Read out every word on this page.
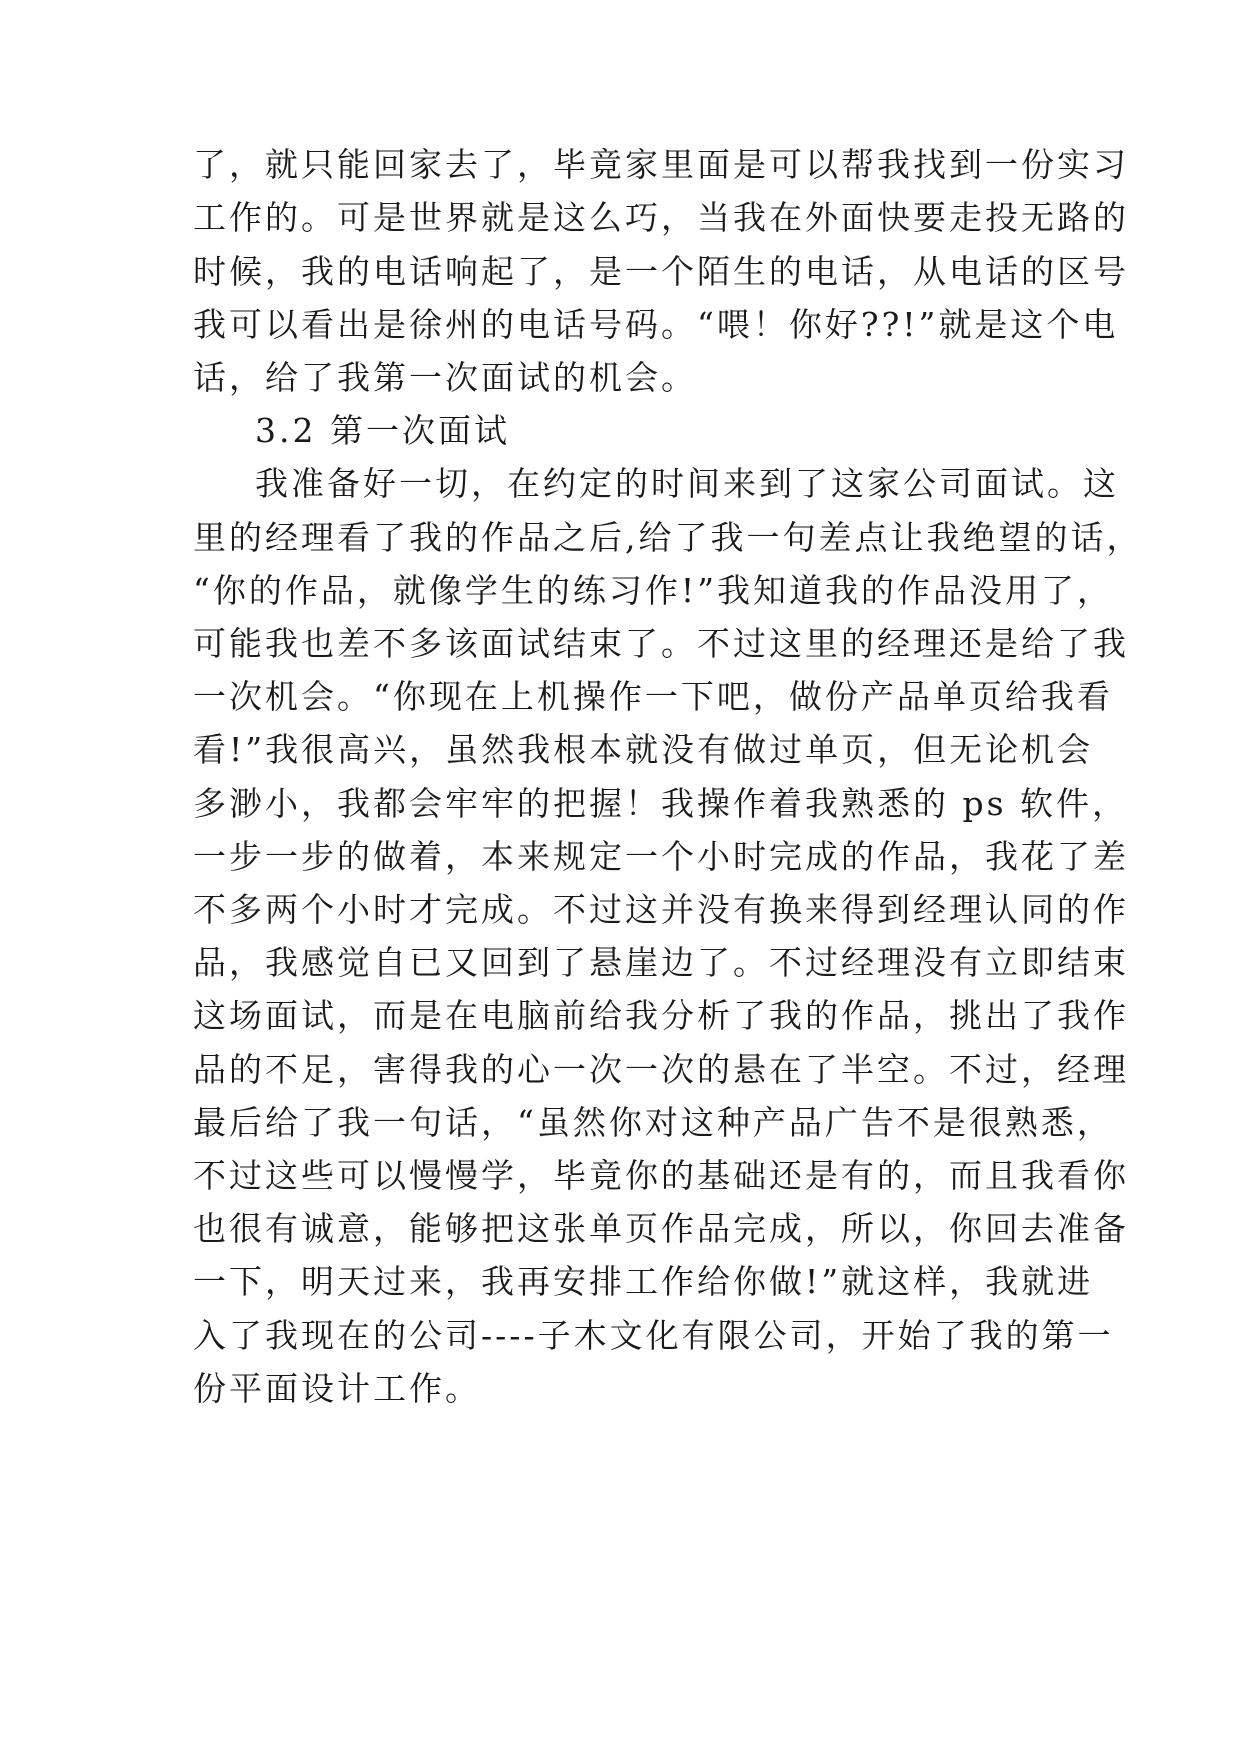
了，就只能回家去了，毕竟家里面是可以帮我找到一份实习
工作的。可是世界就是这么巧，当我在外面快要走投无路的
时候，我的电话响起了，是一个陌生的电话，从电话的区号
我可以看出是徐州的电话号码。“喂！你好??!”就是这个电
话，给了我第一次面试的机会。
3.2 第一次面试
我准备好一切，在约定的时间来到了这家公司面试。这
里的经理看了我的作品之后,给了我一句差点让我绝望的话，
“你的作品，就像学生的练习作!”我知道我的作品没用了，
可能我也差不多该面试结束了。不过这里的经理还是给了我
一次机会。“你现在上机操作一下吧，做份产品单页给我看
看!”我很高兴，虽然我根本就没有做过单页，但无论机会
多渺小，我都会牢牢的把握！我操作着我熟悉的 ps 软件，
一步一步的做着，本来规定一个小时完成的作品，我花了差
不多两个小时才完成。不过这并没有换来得到经理认同的作
品，我感觉自已又回到了悬崖边了。不过经理没有立即结束
这场面试，而是在电脑前给我分析了我的作品，挑出了我作
品的不足，害得我的心一次一次的悬在了半空。不过，经理
最后给了我一句话，“虽然你对这种产品广告不是很熟悉，
不过这些可以慢慢学，毕竟你的基础还是有的，而且我看你
也很有诚意，能够把这张单页作品完成，所以，你回去准备
一下，明天过来，我再安排工作给你做!”就这样，我就进
入了我现在的公司----子木文化有限公司，开始了我的第一
份平面设计工作。
